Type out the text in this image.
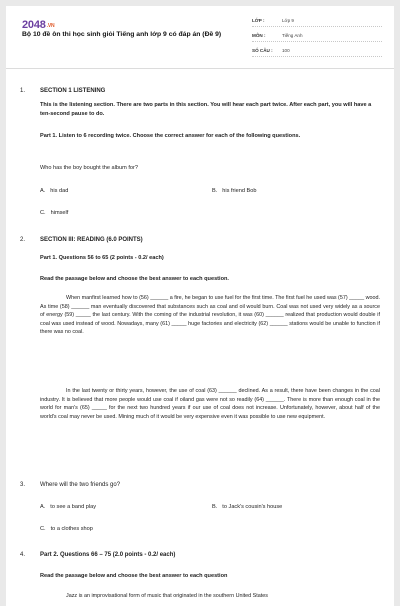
$2048^{.VN}$
Bộ 10 đề ôn thi học sinh giỏi Tiếng anh lớp 9 có đáp án (Đề 9)
LỚP :	Lớp 9
MÔN :	Tiếng Anh
SỐ CÂU :	100
1. SECTION 1 LISTENING
This is the listening section. There are two parts in this section. You will hear each part twice. After each part, you will have a ten-second pause to do.
Part 1. Listen to 6 recording twice. Choose the correct answer for each of the following questions.
Who has the boy bought the album for?
A. his dad	B. his friend Bob
C. himself
2. SECTION III: READING (6.0 POINTS)
Part 1. Questions 56 to 65 (2 points - 0.2/ each)
Read the passage below and choose the best answer to each question.
When manfirst learned how to (56) ______ a fire, he began to use fuel for the first time. The first fuel he used was (57) _____ wood. As time (58) ______ man eventually discovered that substances such as coal and oil would burn. Coal was not used very widely as a source of energy (59) _____ the last century. With the coming of the industrial revolution, it was (60) ______ realized that production would double if coal was used instead of wood. Nowadays, many (61) _____ huge factories and electricity (62) ______ stations would be unable to function if there was no coal.
In the last twenty or thirty years, however, the use of coal (63) ______ declined. As a result, there have been changes in the coal industry. It is believed that more people would use coal if oiland gas were not so readily (64) ______. There is more than enough coal in the world for man's (65) _____ for the next two hundred years if our use of coal does not increase. Unfortunately, however, about half of the world's coal may never be used. Mining much of it would be very expensive even it was possible to use new equipment.
3. Where will the two friends go?
A. to see a band play	B. to Jack's cousin's house
C. to a clothes shop
4. Part 2. Questions 66 – 75 (2.0 points - 0.2/ each)
Read the passage below and choose the best answer to each question
Jazz is an improvisational form of music that originated in the southern United States
